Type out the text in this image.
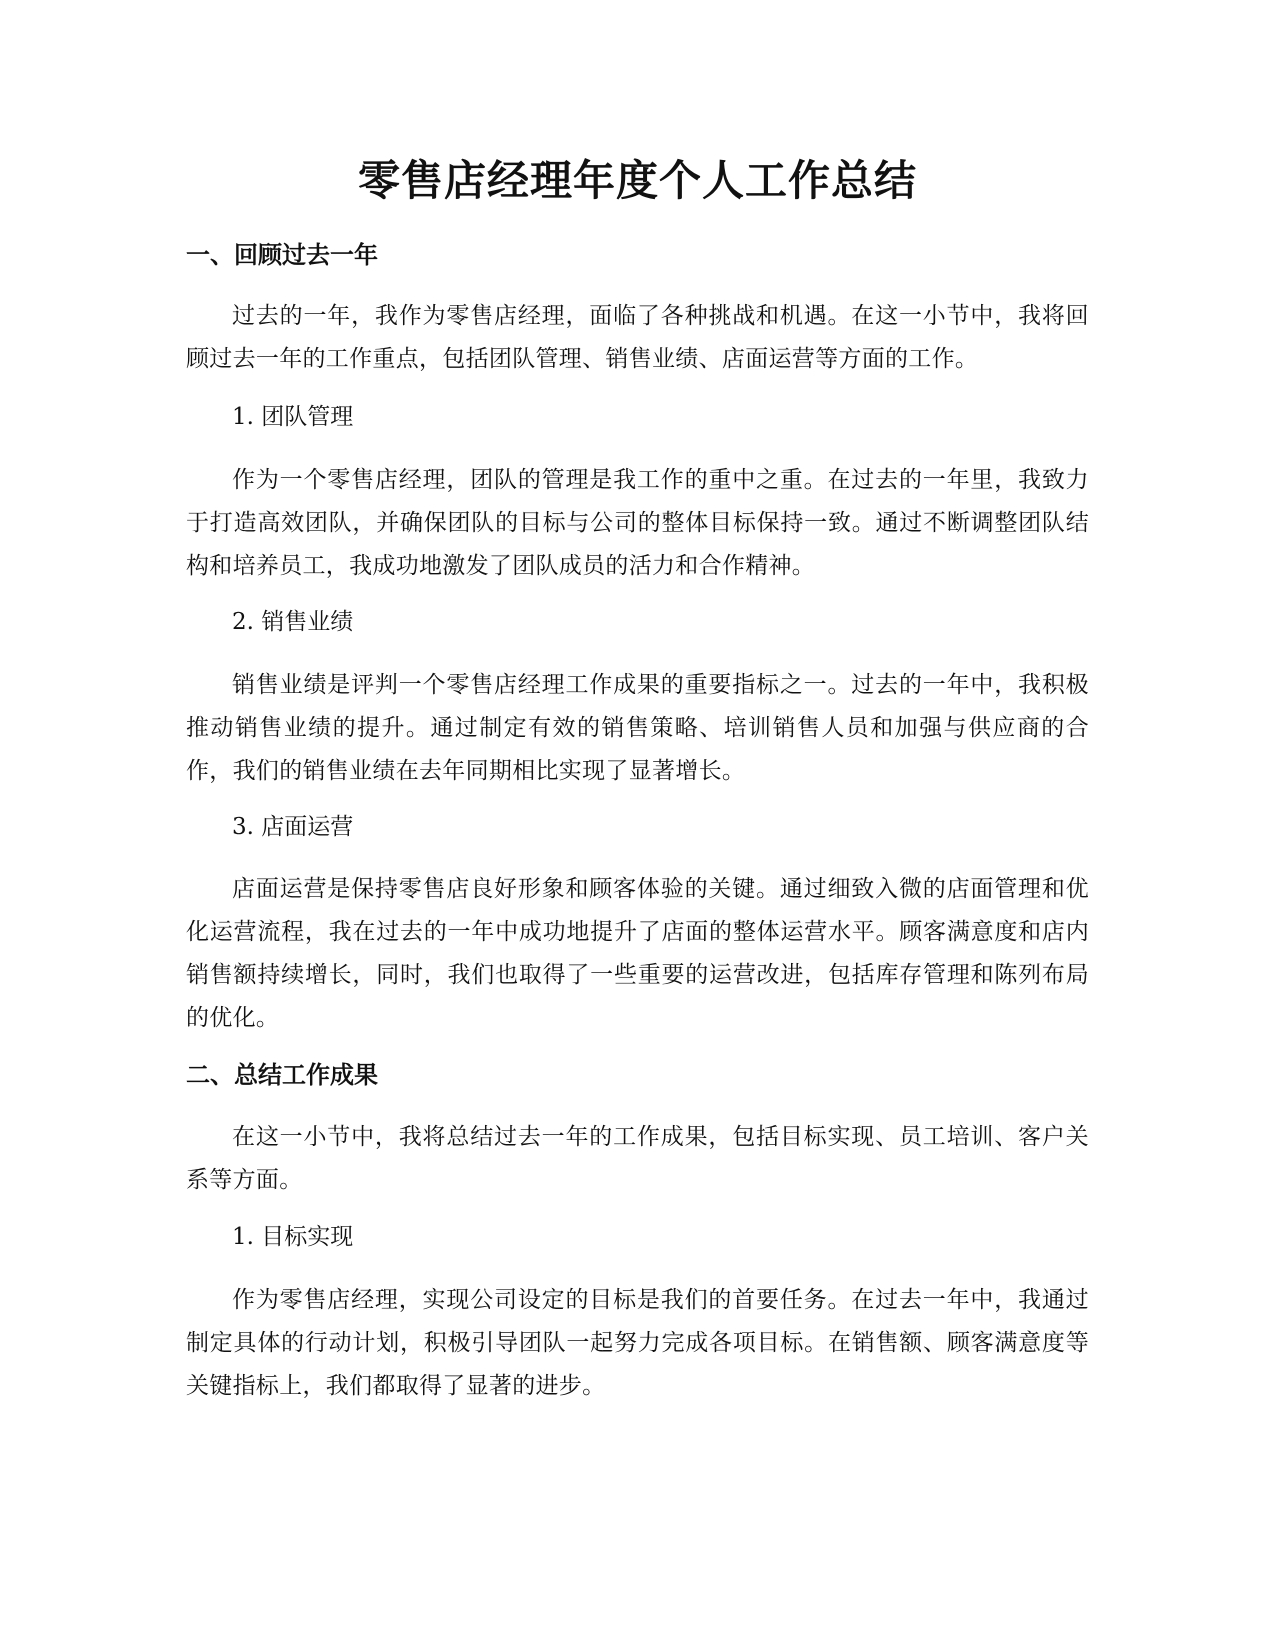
零售店经理年度个人工作总结
一、回顾过去一年

过去的一年，我作为零售店经理，面临了各种挑战和机遇。在这一小节中，我将回顾过去一年的工作重点，包括团队管理、销售业绩、店面运营等方面的工作。

1. 团队管理

作为一个零售店经理，团队的管理是我工作的重中之重。在过去的一年里，我致力于打造高效团队，并确保团队的目标与公司的整体目标保持一致。通过不断调整团队结构和培养员工，我成功地激发了团队成员的活力和合作精神。

2. 销售业绩

销售业绩是评判一个零售店经理工作成果的重要指标之一。过去的一年中，我积极推动销售业绩的提升。通过制定有效的销售策略、培训销售人员和加强与供应商的合作，我们的销售业绩在去年同期相比实现了显著增长。

3. 店面运营

店面运营是保持零售店良好形象和顾客体验的关键。通过细致入微的店面管理和优化运营流程，我在过去的一年中成功地提升了店面的整体运营水平。顾客满意度和店内销售额持续增长，同时，我们也取得了一些重要的运营改进，包括库存管理和陈列布局的优化。

二、总结工作成果

在这一小节中，我将总结过去一年的工作成果，包括目标实现、员工培训、客户关系等方面。

1. 目标实现

作为零售店经理，实现公司设定的目标是我们的首要任务。在过去一年中，我通过制定具体的行动计划，积极引导团队一起努力完成各项目标。在销售额、顾客满意度等关键指标上，我们都取得了显著的进步。
